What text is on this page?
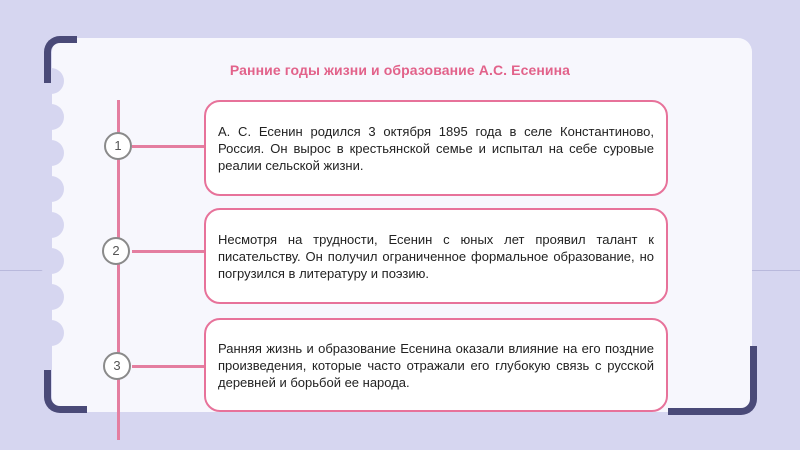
Ранние годы жизни и образование А.С. Есенина
1
А. С. Есенин родился 3 октября 1895 года в селе Константиново, Россия. Он вырос в крестьянской семье и испытал на себе суровые реалии сельской жизни.
2
Несмотря на трудности, Есенин с юных лет проявил талант к писательству. Он получил ограниченное формальное образование, но погрузился в литературу и поэзию.
3
Ранняя жизнь и образование Есенина оказали влияние на его поздние произведения, которые часто отражали его глубокую связь с русской деревней и борьбой ее народа.
